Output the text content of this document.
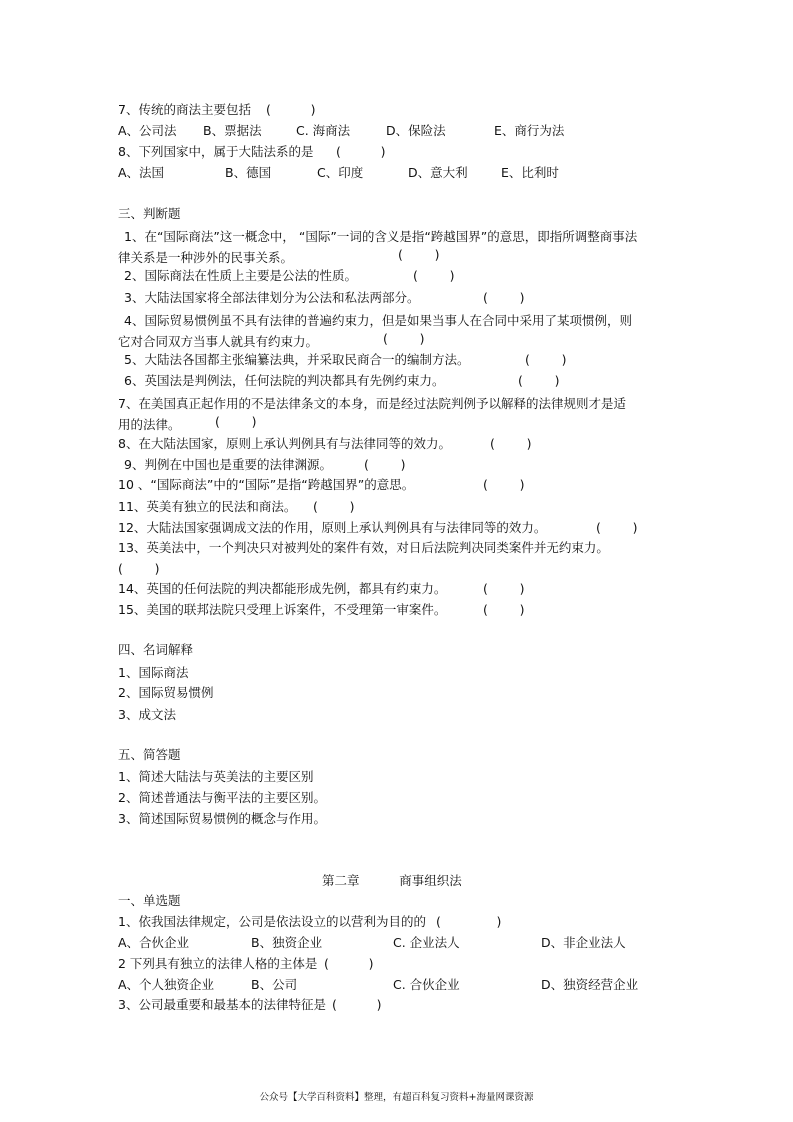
7、传统的商法主要包括 (          )
A、公司法 B、票据法	C. 海商法	D、保险法	E、商行为法
8、下列国家中，属于大陆法系的是 (          )
A、法国	B、德国	C、印度	D、意大利	E、比利时
三、判断题
1、在“国际商法”这一概念中， “国际”一词的含义是指“跨越国界”的意思，即指所调整商事法律关系是一种涉外的民事关系。	(        )
2、国际商法在性质上主要是公法的性质。	(        )
3、大陆法国家将全部法律划分为公法和私法两部分。	(        )
4、国际贸易惯例虽不具有法律的普遍约束力，但是如果当事人在合同中采用了某项惯例，则它对合同双方当事人就具有约束力。	(        )
5、大陆法各国都主张编纂法典，并采取民商合一的编制方法。	(        )
6、英国法是判例法，任何法院的判决都具有先例约束力。	(        )
7、在美国真正起作用的不是法律条文的本身，而是经过法院判例予以解释的法律规则才是适用的法律。	(        )
8、在大陆法国家，原则上承认判例具有与法律同等的效力。	(        )
9、判例在中国也是重要的法律渊源。	(        )
10 、“国际商法”中的“国际”是指“跨越国界”的意思。	(        )
11、英美有独立的民法和商法。 (        )
12、大陆法国家强调成文法的作用，原则上承认判例具有与法律同等的效力。	(        )
13、英美法中，一个判决只对被判处的案件有效，对日后法院判决同类案件并无约束力。
(        )
14、英国的任何法院的判决都能形成先例，都具有约束力。	(        )
15、美国的联邦法院只受理上诉案件，不受理第一审案件。	(        )
四、名词解释
1、国际商法
2、国际贸易惯例
3、成文法
五、简答题
1、简述大陆法与英美法的主要区别
2、简述普通法与衡平法的主要区别。
3、简述国际贸易惯例的概念与作用。
第二章          商事组织法
一、单选题
1、依我国法律规定，公司是依法设立的以营利为目的的 (              )
A、合伙企业	B、独资企业	C. 企业法人	D、非企业法人
2 下列具有独立的法律人格的主体是 (          )
A、个人独资企业	B、公司	C. 合伙企业	D、独资经营企业
3、公司最重要和最基本的法律特征是 (          )
公众号【大学百科资料】整理，有超百科复习资料+海量网课资源
